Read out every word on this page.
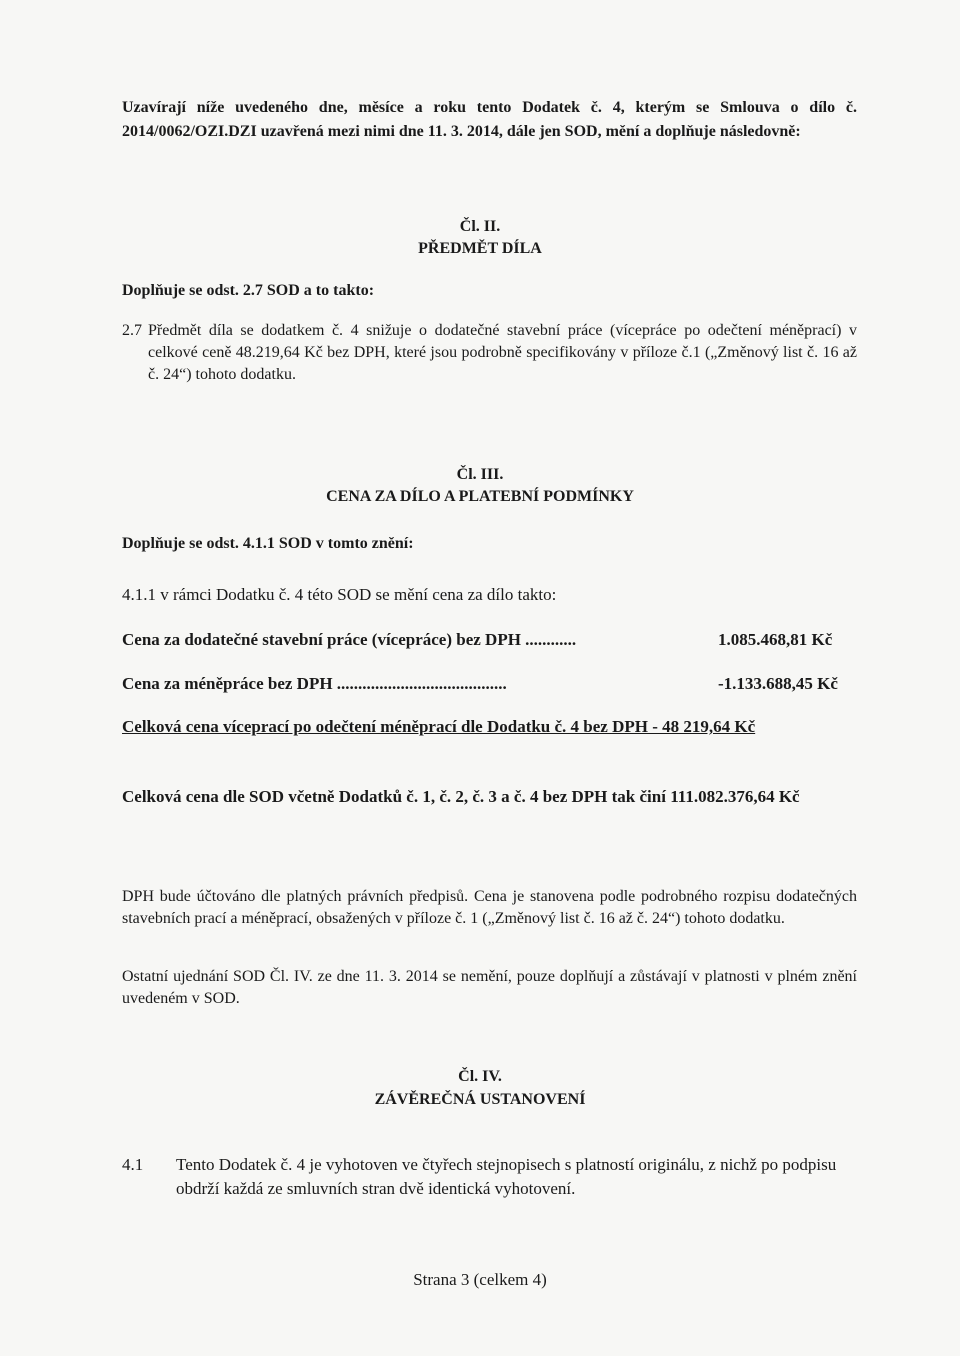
Uzavírají níže uvedeného dne, měsíce a roku tento Dodatek č. 4, kterým se Smlouva o dílo č. 2014/0062/OZI.DZI uzavřená mezi nimi dne 11. 3. 2014, dále jen SOD, mění a doplňuje následovně:
Čl. II.
PŘEDMĚT DÍLA
Doplňuje se odst. 2.7 SOD a to takto:
2.7 Předmět díla se dodatkem č. 4 snižuje o dodatečné stavební práce (vícepráce po odečtení méněprací) v celkové ceně 48.219,64 Kč bez DPH, které jsou podrobně specifikovány v příloze č.1 („Změnový list č. 16 až č. 24“) tohoto dodatku.
Čl. III.
CENA ZA DÍLO A PLATEBNÍ PODMÍNKY
Doplňuje se odst. 4.1.1 SOD v tomto znění:
4.1.1 v rámci Dodatku č. 4 této SOD se mění cena za dílo takto:
Cena za dodatečné stavební práce (vícepráce) bez DPH ............	1.085.468,81 Kč
Cena za méněpráce bez DPH ........................................	-1.133.688,45 Kč
Celková cena víceprací po odečtení méněprací dle Dodatku č. 4 bez DPH - 48 219,64 Kč
Celková cena dle SOD včetně Dodatků č. 1, č. 2, č. 3 a č. 4 bez DPH tak činí 111.082.376,64 Kč
DPH bude účtováno dle platných právních předpisů. Cena je stanovena podle podrobného rozpisu dodatečných stavebních prací a méněprací, obsažených v příloze č. 1 („Změnový list č. 16 až č. 24“) tohoto dodatku.
Ostatní ujednání SOD Čl. IV. ze dne 11. 3. 2014 se nemění, pouze doplňují a zůstávají v platnosti v plném znění uvedeném v SOD.
Čl. IV.
ZÁVĚREČNÁ USTANOVENÍ
4.1 Tento Dodatek č. 4 je vyhotoven ve čtyřech stejnopisech s platností originálu, z nichž po podpisu obdrží každá ze smluvních stran dvě identická vyhotovení.
Strana 3 (celkem 4)
